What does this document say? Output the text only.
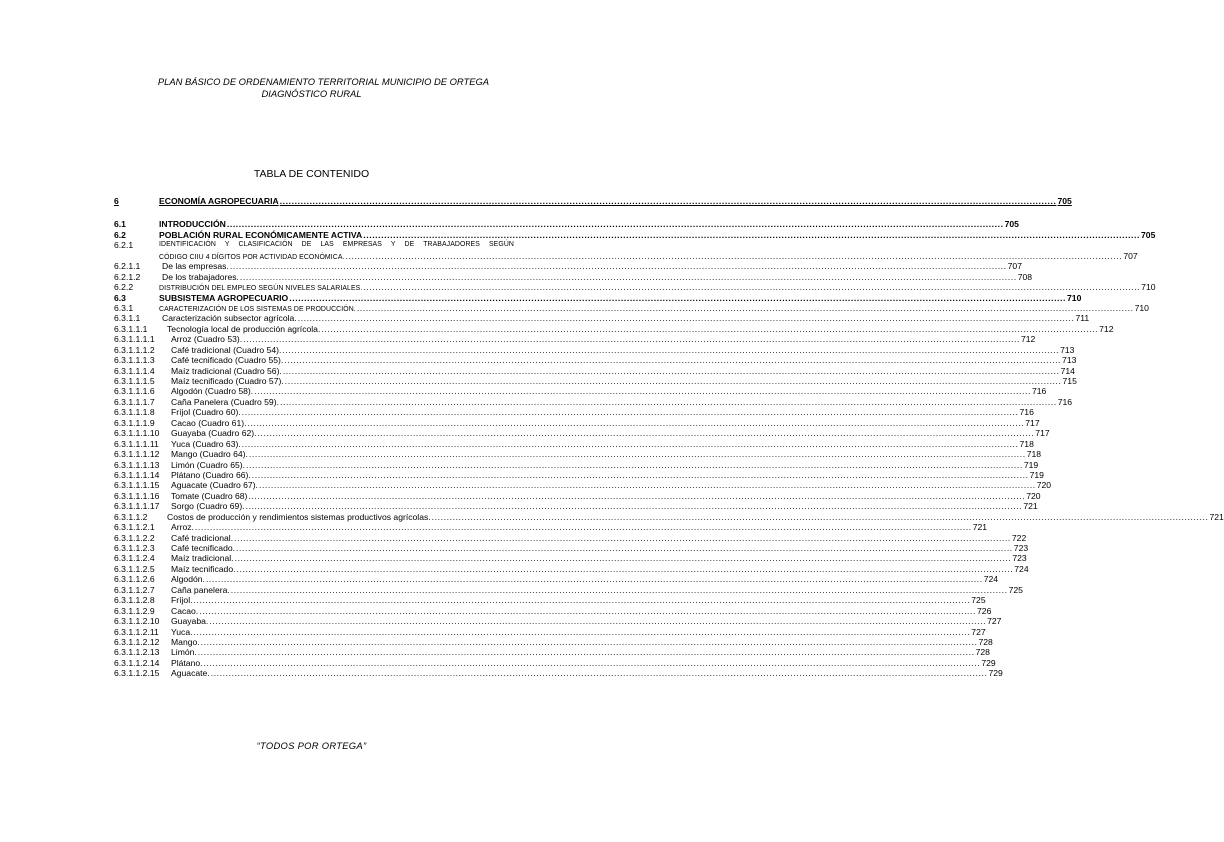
PLAN BÁSICO DE ORDENAMIENTO TERRITORIAL MUNICIPIO DE ORTEGA
DIAGNÓSTICO RURAL
TABLA DE CONTENIDO
6	ECONOMÍA AGROPECUARIA .................................................................................................................................................................................................................................................................... 705
6.1	INTRODUCCIÓN .................................................................................................................................................................................................................................................................... 705
6.2	POBLACIÓN RURAL ECONÓMICAMENTE ACTIVA .................................................................................................................................................................................................................................................................... 705
6.2.1	IDENTIFICACIÓN Y CLASIFICACIÓN DE LAS EMPRESAS Y DE TRABAJADORES SEGÚN
CÓDIGO CIIU 4 DÍGITOS POR ACTIVIDAD ECONÓMICA. .................................................................................................................................................................................................................................................................... 707
6.2.1.1	De las empresas. .................................................................................................................................................................................................................................................................... 707
6.2.1.2	De los trabajadores. .................................................................................................................................................................................................................................................................... 708
6.2.2	DISTRIBUCIÓN DEL EMPLEO SEGÚN NIVELES SALARIALES. .................................................................................................................................................................................................................................................................... 710
6.3	SUBSISTEMA AGROPECUARIO .................................................................................................................................................................................................................................................................... 710
6.3.1	CARACTERIZACIÓN DE LOS SISTEMAS DE PRODUCCIÓN. .................................................................................................................................................................................................................................................................... 710
6.3.1.1	Caracterización subsector agrícola. .................................................................................................................................................................................................................................................................... 711
6.3.1.1.1 Tecnología local de producción agrícola. .................................................................................................................................................................................................................................................................... 712
6.3.1.1.1.1 Arroz (Cuadro 53). .................................................................................................................................................................................................................................................................... 712
6.3.1.1.1.2 Café tradicional (Cuadro 54). .................................................................................................................................................................................................................................................................... 713
6.3.1.1.1.3 Café tecnificado (Cuadro 55). .................................................................................................................................................................................................................................................................... 713
6.3.1.1.1.4 Maíz tradicional (Cuadro 56). .................................................................................................................................................................................................................................................................... 714
6.3.1.1.1.5 Maíz tecnificado (Cuadro 57). .................................................................................................................................................................................................................................................................... 715
6.3.1.1.1.6 Algodón (Cuadro 58). .................................................................................................................................................................................................................................................................... 716
6.3.1.1.1.7 Caña Panelera (Cuadro 59). .................................................................................................................................................................................................................................................................... 716
6.3.1.1.1.8 Fríjol (Cuadro 60). .................................................................................................................................................................................................................................................................... 716
6.3.1.1.1.9 Cacao (Cuadro 61). .................................................................................................................................................................................................................................................................... 717
6.3.1.1.1.10 Guayaba (Cuadro 62). .................................................................................................................................................................................................................................................................... 717
6.3.1.1.1.11 Yuca (Cuadro 63). .................................................................................................................................................................................................................................................................... 718
6.3.1.1.1.12 Mango (Cuadro 64). .................................................................................................................................................................................................................................................................... 718
6.3.1.1.1.13 Limón (Cuadro 65). .................................................................................................................................................................................................................................................................... 719
6.3.1.1.1.14 Plátano (Cuadro 66). .................................................................................................................................................................................................................................................................... 719
6.3.1.1.1.15 Aguacate (Cuadro 67). .................................................................................................................................................................................................................................................................... 720
6.3.1.1.1.16 Tomate (Cuadro 68) .................................................................................................................................................................................................................................................................... 720
6.3.1.1.1.17 Sorgo (Cuadro 69). .................................................................................................................................................................................................................................................................... 721
6.3.1.1.2 Costos de producción y rendimientos sistemas productivos agrícolas. .................................................................................................................................................................................................................................................................... 721
6.3.1.1.2.1 Arroz. .................................................................................................................................................................................................................................................................... 721
6.3.1.1.2.2 Café tradicional. .................................................................................................................................................................................................................................................................... 722
6.3.1.1.2.3 Café tecnificado. .................................................................................................................................................................................................................................................................... 723
6.3.1.1.2.4 Maíz tradicional. .................................................................................................................................................................................................................................................................... 723
6.3.1.1.2.5 Maíz tecnificado. .................................................................................................................................................................................................................................................................... 724
6.3.1.1.2.6 Algodón. .................................................................................................................................................................................................................................................................... 724
6.3.1.1.2.7 Caña panelera. .................................................................................................................................................................................................................................................................... 725
6.3.1.1.2.8 Fríjol. .................................................................................................................................................................................................................................................................... 725
6.3.1.1.2.9 Cacao. .................................................................................................................................................................................................................................................................... 726
6.3.1.1.2.10 Guayaba. .................................................................................................................................................................................................................................................................... 727
6.3.1.1.2.11 Yuca. .................................................................................................................................................................................................................................................................... 727
6.3.1.1.2.12 Mango. .................................................................................................................................................................................................................................................................... 728
6.3.1.1.2.13 Limón. .................................................................................................................................................................................................................................................................... 728
6.3.1.1.2.14 Plátano. .................................................................................................................................................................................................................................................................... 729
6.3.1.1.2.15 Aguacate. .................................................................................................................................................................................................................................................................... 729
“TODOS POR ORTEGA”
